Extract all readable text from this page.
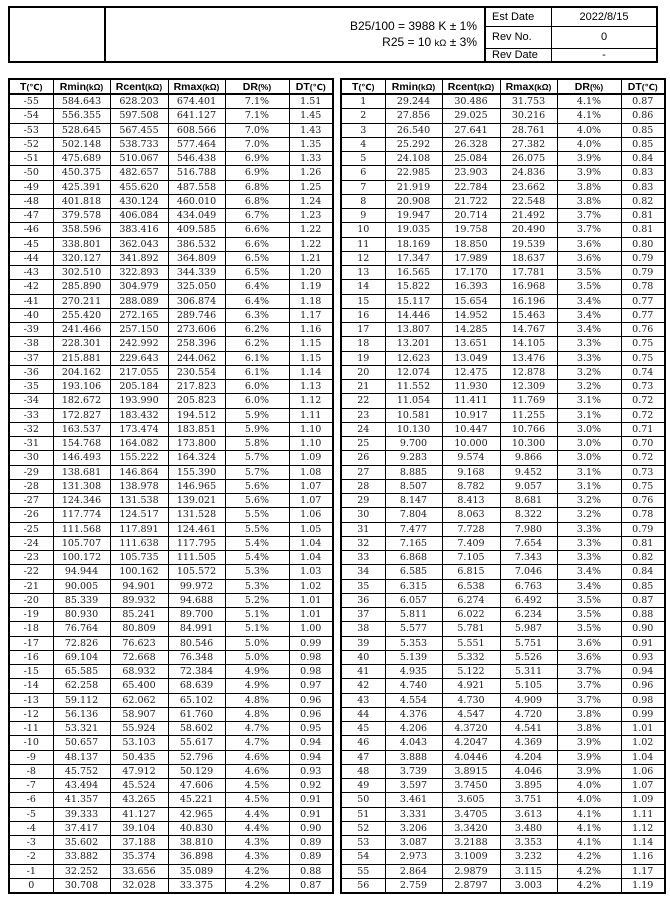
B25/100 = 3988 K ± 1%
R25 = 10 kΩ ± 3%
Est Date	2022/8/15
Rev No.	0
Rev Date	-
T(℃)	Rmin(kΩ)	Rcent(kΩ)	Rmax(kΩ)	DR(%)	DT(℃)
-55	584.643	628.203	674.401	7.1%	1.51
-54	556.355	597.508	641.127	7.1%	1.45
-53	528.645	567.455	608.566	7.0%	1.43
-52	502.148	538.733	577.464	7.0%	1.35
-51	475.689	510.067	546.438	6.9%	1.33
-50	450.375	482.657	516.788	6.9%	1.26
-49	425.391	455.620	487.558	6.8%	1.25
-48	401.818	430.124	460.010	6.8%	1.24
-47	379.578	406.084	434.049	6.7%	1.23
-46	358.596	383.416	409.585	6.6%	1.22
-45	338.801	362.043	386.532	6.6%	1.22
-44	320.127	341.892	364.809	6.5%	1.21
-43	302.510	322.893	344.339	6.5%	1.20
-42	285.890	304.979	325.050	6.4%	1.19
-41	270.211	288.089	306.874	6.4%	1.18
-40	255.420	272.165	289.746	6.3%	1.17
-39	241.466	257.150	273.606	6.2%	1.16
-38	228.301	242.992	258.396	6.2%	1.15
-37	215.881	229.643	244.062	6.1%	1.15
-36	204.162	217.055	230.554	6.1%	1.14
-35	193.106	205.184	217.823	6.0%	1.13
-34	182.672	193.990	205.823	6.0%	1.12
-33	172.827	183.432	194.512	5.9%	1.11
-32	163.537	173.474	183.851	5.9%	1.10
-31	154.768	164.082	173.800	5.8%	1.10
-30	146.493	155.222	164.324	5.7%	1.09
-29	138.681	146.864	155.390	5.7%	1.08
-28	131.308	138.978	146.965	5.6%	1.07
-27	124.346	131.538	139.021	5.6%	1.07
-26	117.774	124.517	131.528	5.5%	1.06
-25	111.568	117.891	124.461	5.5%	1.05
-24	105.707	111.638	117.795	5.4%	1.04
-23	100.172	105.735	111.505	5.4%	1.04
-22	94.944	100.162	105.572	5.3%	1.03
-21	90.005	94.901	99.972	5.3%	1.02
-20	85.339	89.932	94.688	5.2%	1.01
-19	80.930	85.241	89.700	5.1%	1.01
-18	76.764	80.809	84.991	5.1%	1.00
-17	72.826	76.623	80.546	5.0%	0.99
-16	69.104	72.668	76.348	5.0%	0.98
-15	65.585	68.932	72.384	4.9%	0.98
-14	62.258	65.400	68.639	4.9%	0.97
-13	59.112	62.062	65.102	4.8%	0.96
-12	56.136	58.907	61.760	4.8%	0.96
-11	53.321	55.924	58.602	4.7%	0.95
-10	50.657	53.103	55.617	4.7%	0.94
-9	48.137	50.435	52.796	4.6%	0.94
-8	45.752	47.912	50.129	4.6%	0.93
-7	43.494	45.524	47.606	4.5%	0.92
-6	41.357	43.265	45.221	4.5%	0.91
-5	39.333	41.127	42.965	4.4%	0.91
-4	37.417	39.104	40.830	4.4%	0.90
-3	35.602	37.188	38.810	4.3%	0.89
-2	33.882	35.374	36.898	4.3%	0.89
-1	32.252	33.656	35.089	4.2%	0.88
0	30.708	32.028	33.375	4.2%	0.87
T(℃)	Rmin(kΩ)	Rcent(kΩ)	Rmax(kΩ)	DR(%)	DT(℃)
1	29.244	30.486	31.753	4.1%	0.87
2	27.856	29.025	30.216	4.1%	0.86
3	26.540	27.641	28.761	4.0%	0.85
4	25.292	26.328	27.382	4.0%	0.85
5	24.108	25.084	26.075	3.9%	0.84
6	22.985	23.903	24.836	3.9%	0.83
7	21.919	22.784	23.662	3.8%	0.83
8	20.908	21.722	22.548	3.8%	0.82
9	19.947	20.714	21.492	3.7%	0.81
10	19.035	19.758	20.490	3.7%	0.81
11	18.169	18.850	19.539	3.6%	0.80
12	17.347	17.989	18.637	3.6%	0.79
13	16.565	17.170	17.781	3.5%	0.79
14	15.822	16.393	16.968	3.5%	0.78
15	15.117	15.654	16.196	3.4%	0.77
16	14.446	14.952	15.463	3.4%	0.77
17	13.807	14.285	14.767	3.4%	0.76
18	13.201	13.651	14.105	3.3%	0.75
19	12.623	13.049	13.476	3.3%	0.75
20	12.074	12.475	12.878	3.2%	0.74
21	11.552	11.930	12.309	3.2%	0.73
22	11.054	11.411	11.769	3.1%	0.72
23	10.581	10.917	11.255	3.1%	0.72
24	10.130	10.447	10.766	3.0%	0.71
25	9.700	10.000	10.300	3.0%	0.70
26	9.283	9.574	9.866	3.0%	0.72
27	8.885	9.168	9.452	3.1%	0.73
28	8.507	8.782	9.057	3.1%	0.75
29	8.147	8.413	8.681	3.2%	0.76
30	7.804	8.063	8.322	3.2%	0.78
31	7.477	7.728	7.980	3.3%	0.79
32	7.165	7.409	7.654	3.3%	0.81
33	6.868	7.105	7.343	3.3%	0.82
34	6.585	6.815	7.046	3.4%	0.84
35	6.315	6.538	6.763	3.4%	0.85
36	6.057	6.274	6.492	3.5%	0.87
37	5.811	6.022	6.234	3.5%	0.88
38	5.577	5.781	5.987	3.5%	0.90
39	5.353	5.551	5.751	3.6%	0.91
40	5.139	5.332	5.526	3.6%	0.93
41	4.935	5.122	5.311	3.7%	0.94
42	4.740	4.921	5.105	3.7%	0.96
43	4.554	4.730	4.909	3.7%	0.98
44	4.376	4.547	4.720	3.8%	0.99
45	4.206	4.3720	4.541	3.8%	1.01
46	4.043	4.2047	4.369	3.9%	1.02
47	3.888	4.0446	4.204	3.9%	1.04
48	3.739	3.8915	4.046	3.9%	1.06
49	3.597	3.7450	3.895	4.0%	1.07
50	3.461	3.605	3.751	4.0%	1.09
51	3.331	3.4705	3.613	4.1%	1.11
52	3.206	3.3420	3.480	4.1%	1.12
53	3.087	3.2188	3.353	4.1%	1.14
54	2.973	3.1009	3.232	4.2%	1.16
55	2.864	2.9879	3.115	4.2%	1.17
56	2.759	2.8797	3.003	4.2%	1.19
